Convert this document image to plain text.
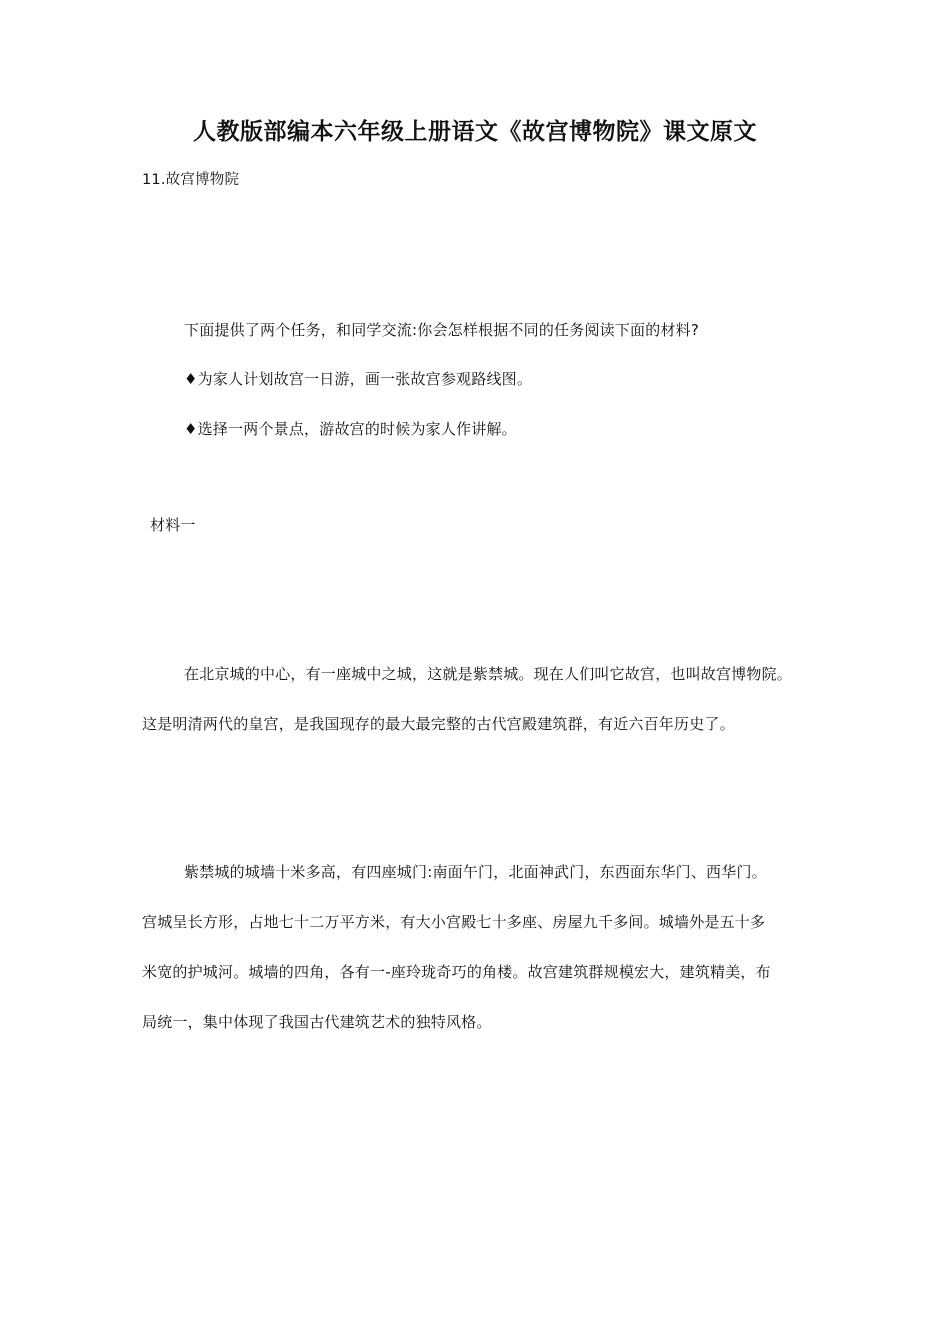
人教版部编本六年级上册语文《故宫博物院》课文原文
11.故宫博物院
下面提供了两个任务，和同学交流:你会怎样根据不同的任务阅读下面的材料?
♦为家人计划故宫一日游，画一张故宫参观路线图。
♦选择一两个景点，游故宫的时候为家人作讲解。
材料一
在北京城的中心，有一座城中之城，这就是紫禁城。现在人们叫它故宫，也叫故宫博物院。
这是明清两代的皇宫，是我国现存的最大最完整的古代宫殿建筑群，有近六百年历史了。
紫禁城的城墙十米多高，有四座城门:南面午门，北面神武门，东西面东华门、西华门。
宫城呈长方形，占地七十二万平方米，有大小宫殿七十多座、房屋九千多间。城墙外是五十多
米宽的护城河。城墙的四角，各有一-座玲珑奇巧的角楼。故宫建筑群规模宏大，建筑精美，布
局统一，集中体现了我国古代建筑艺术的独特风格。
